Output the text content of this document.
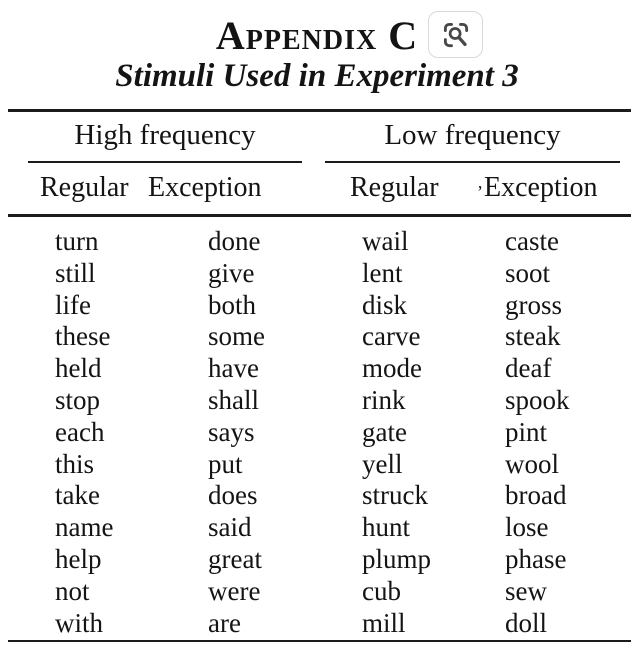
Appendix C
Stimuli Used in Experiment 3
High frequency	Low frequency
Regular Exception	Regular ‚Exception
turn	done	wail	caste
still	give	lent	soot
life	both	disk	gross
these	some	carve	steak
held	have	mode	deaf
stop	shall	rink	spook
each	says	gate	pint
this	put	yell	wool
take	does	struck	broad
name	said	hunt	lose
help	great	plump	phase
not	were	cub	sew
with	are	mill	doll
